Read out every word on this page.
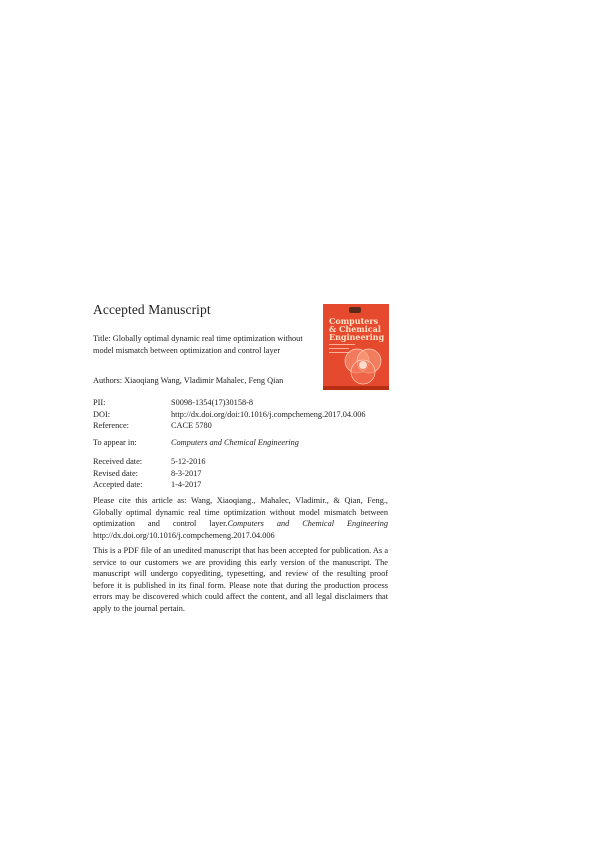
Accepted Manuscript
Title: Globally optimal dynamic real time optimization without model mismatch between optimization and control layer
Authors: Xiaoqiang Wang, Vladimir Mahalec, Feng Qian
Computers
& Chemical
Engineering
PII:	S0098-1354(17)30158-8
DOI:	http://dx.doi.org/doi:10.1016/j.compchemeng.2017.04.006
Reference:	CACE 5780
To appear in:	Computers and Chemical Engineering
Received date:	5-12-2016
Revised date:	8-3-2017
Accepted date:	1-4-2017
Please cite this article as: Wang, Xiaoqiang., Mahalec, Vladimir., & Qian, Feng., Globally optimal dynamic real time optimization without model mismatch between optimization and control layer.Computers and Chemical Engineering http://dx.doi.org/10.1016/j.compchemeng.2017.04.006
This is a PDF file of an unedited manuscript that has been accepted for publication. As a service to our customers we are providing this early version of the manuscript. The manuscript will undergo copyediting, typesetting, and review of the resulting proof before it is published in its final form. Please note that during the production process errors may be discovered which could affect the content, and all legal disclaimers that apply to the journal pertain.
